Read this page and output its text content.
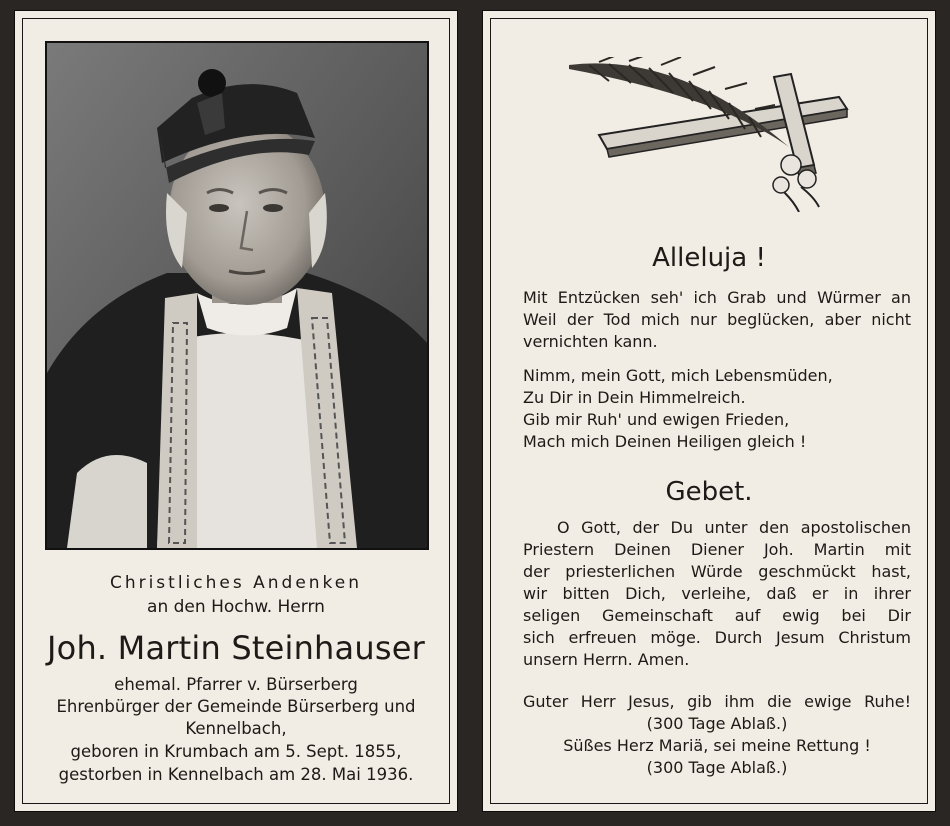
Christliches Andenken
an den Hochw. Herrn
Joh. Martin Steinhauser
ehemal. Pfarrer v. Bürserberg
Ehrenbürger der Gemeinde Bürserberg und
Kennelbach,
geboren in Krumbach am 5. Sept. 1855,
gestorben in Kennelbach am 28. Mai 1936.
Alleluja !
Mit Entzücken seh' ich Grab und Würmer an
Weil der Tod mich nur beglücken, aber nicht
vernichten kann.
Nimm, mein Gott, mich Lebensmüden,
Zu Dir in Dein Himmelreich.
Gib mir Ruh' und ewigen Frieden,
Mach mich Deinen Heiligen gleich !
Gebet.
O Gott, der Du unter den apostolischen
Priestern Deinen Diener Joh. Martin mit
der priesterlichen Würde geschmückt hast,
wir bitten Dich, verleihe, daß er in ihrer
seligen Gemeinschaft auf ewig bei Dir
sich erfreuen möge. Durch Jesum Christum
unsern Herrn. Amen.
Guter Herr Jesus, gib ihm die ewige Ruhe!
(300 Tage Ablaß.)
Süßes Herz Mariä, sei meine Rettung !
(300 Tage Ablaß.)
